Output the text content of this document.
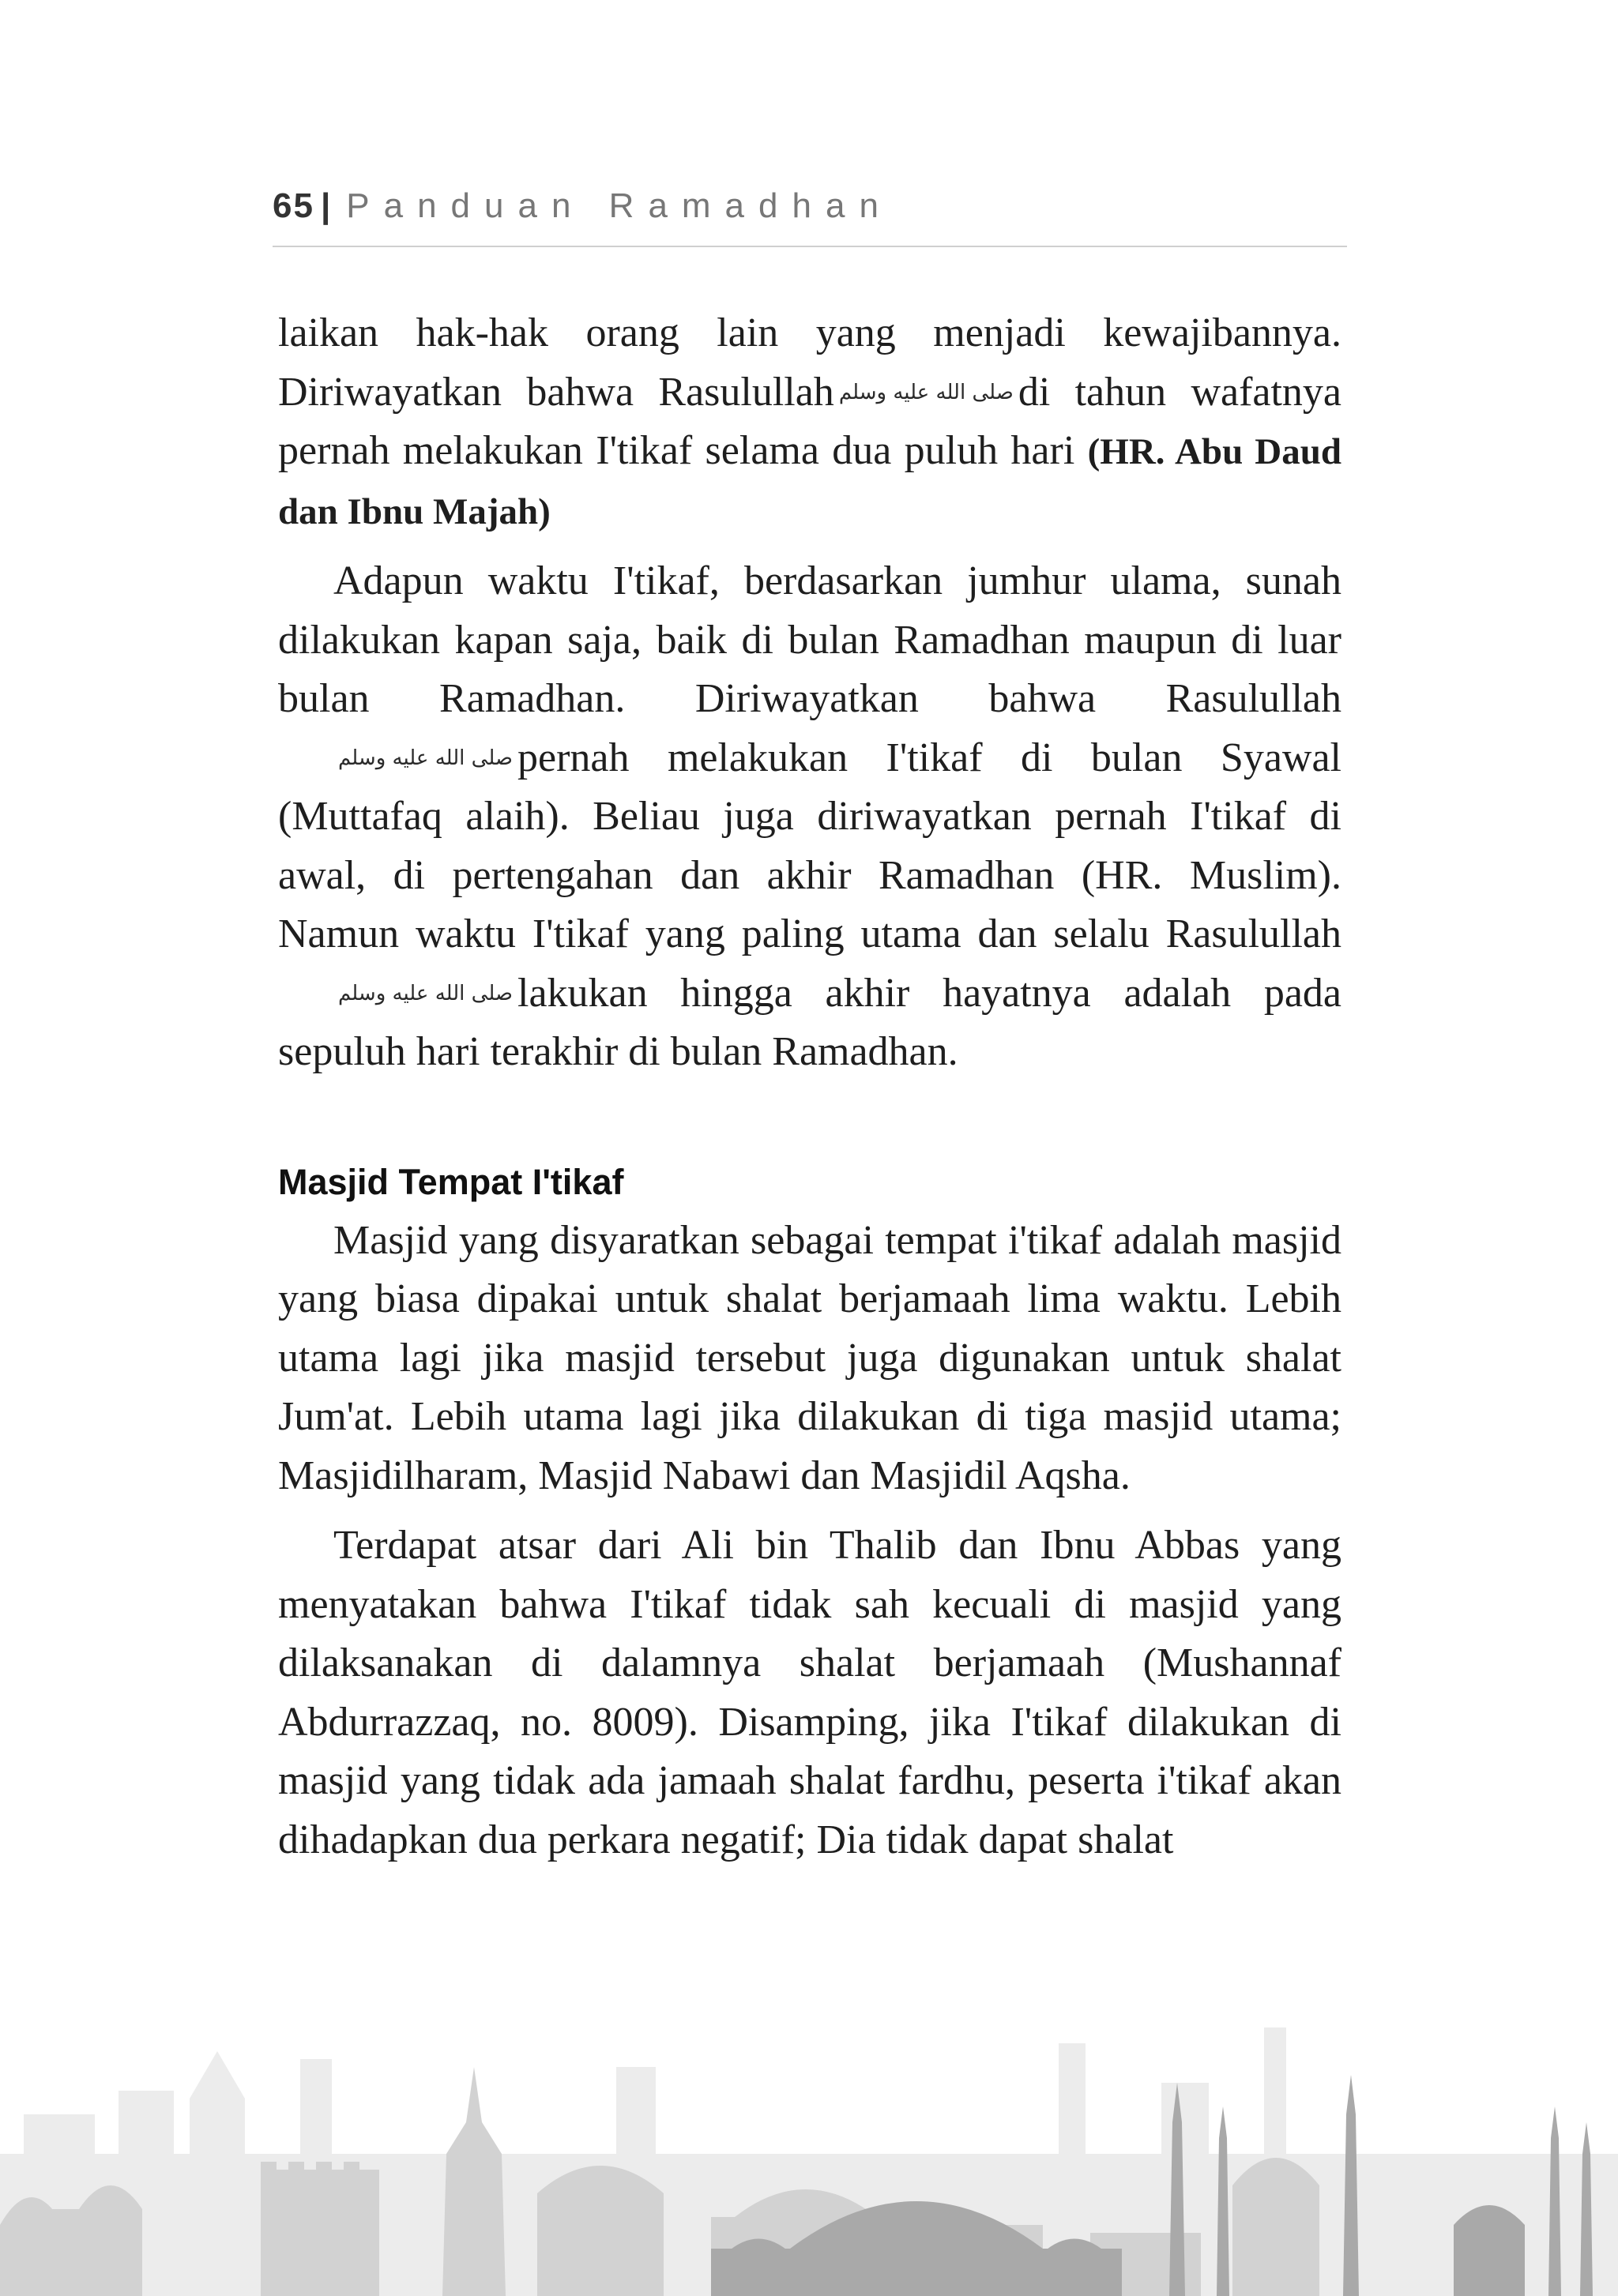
65 | Panduan Ramadhan

laikan hak-hak orang lain yang menjadi kewajibannya. Diriwayatkan bahwa Rasulullah صلى الله عليه وسلم di tahun wafatnya pernah melakukan I'tikaf selama dua puluh hari (HR. Abu Daud dan Ibnu Majah)

Adapun waktu I'tikaf, berdasarkan jumhur ulama, sunah dilakukan kapan saja, baik di bulan Ramadhan maupun di luar bulan Ramadhan. Diriwayatkan bahwa Rasulullahصلى الله عليه وسلم pernah melakukan I'tikaf di bulan Syawal (Muttafaq alaih). Beliau juga diriwayatkan pernah I'tikaf di awal, di pertengahan dan akhir Ramadhan (HR. Muslim). Namun waktu I'tikaf yang paling utama dan selalu Rasulullahصلى الله عليه وسلم lakukan hingga akhir hayatnya adalah pada sepuluh hari terakhir di bulan Ramadhan.

Masjid Tempat I'tikaf

Masjid yang disyaratkan sebagai tempat i'tikaf adalah masjid yang biasa dipakai untuk shalat berjamaah lima waktu. Lebih utama lagi jika masjid tersebut juga digunakan untuk shalat Jum'at. Lebih utama lagi jika dilakukan di tiga masjid utama; Masjidilharam, Masjid Nabawi dan Masjidil Aqsha.

Terdapat atsar dari Ali bin Thalib dan Ibnu Abbas yang menyatakan bahwa I'tikaf tidak sah kecuali di masjid yang dilaksanakan di dalamnya shalat berjamaah (Mushannaf Abdurrazzaq, no. 8009). Disamping, jika I'tikaf dilakukan di masjid yang tidak ada jamaah shalat fardhu, peserta i'tikaf akan dihadapkan dua perkara negatif; Dia tidak dapat shalat
